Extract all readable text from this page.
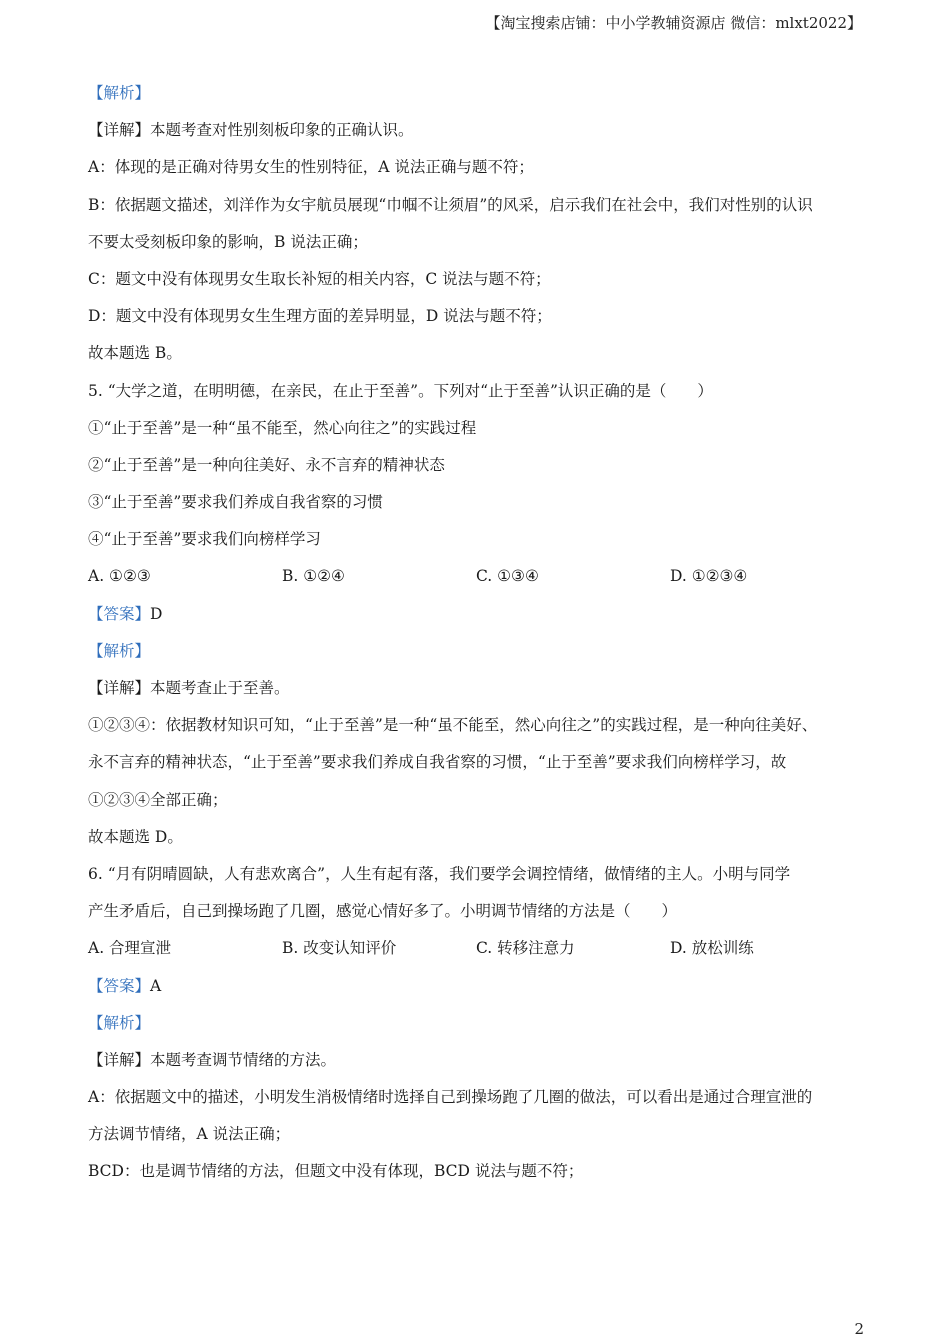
【淘宝搜索店铺：中小学教辅资源店 微信：mlxt2022】
【解析】
【详解】本题考查对性别刻板印象的正确认识。
A：体现的是正确对待男女生的性别特征，A 说法正确与题不符；
B：依据题文描述，刘洋作为女宇航员展现“巾帼不让须眉”的风采，启示我们在社会中，我们对性别的认识
不要太受刻板印象的影响，B 说法正确；
C：题文中没有体现男女生取长补短的相关内容，C 说法与题不符；
D：题文中没有体现男女生生理方面的差异明显，D 说法与题不符；
故本题选 B。
5. “大学之道，在明明德，在亲民，在止于至善”。下列对“止于至善”认识正确的是（　　）
①“止于至善”是一种“虽不能至，然心向往之”的实践过程
②“止于至善”是一种向往美好、永不言弃的精神状态
③“止于至善”要求我们养成自我省察的习惯
④“止于至善”要求我们向榜样学习
A. ①②③	B. ①②④	C. ①③④	D. ①②③④
【答案】D
【解析】
【详解】本题考查止于至善。
①②③④：依据教材知识可知，“止于至善”是一种“虽不能至，然心向往之”的实践过程，是一种向往美好、
永不言弃的精神状态，“止于至善”要求我们养成自我省察的习惯，“止于至善”要求我们向榜样学习，故
①②③④全部正确；
故本题选 D。
6. “月有阴晴圆缺，人有悲欢离合”，人生有起有落，我们要学会调控情绪，做情绪的主人。小明与同学
产生矛盾后，自己到操场跑了几圈，感觉心情好多了。小明调节情绪的方法是（　　）
A. 合理宣泄	B. 改变认知评价	C. 转移注意力	D. 放松训练
【答案】A
【解析】
【详解】本题考查调节情绪的方法。
A：依据题文中的描述，小明发生消极情绪时选择自己到操场跑了几圈的做法，可以看出是通过合理宣泄的
方法调节情绪，A 说法正确；
BCD：也是调节情绪的方法，但题文中没有体现，BCD 说法与题不符；
2
